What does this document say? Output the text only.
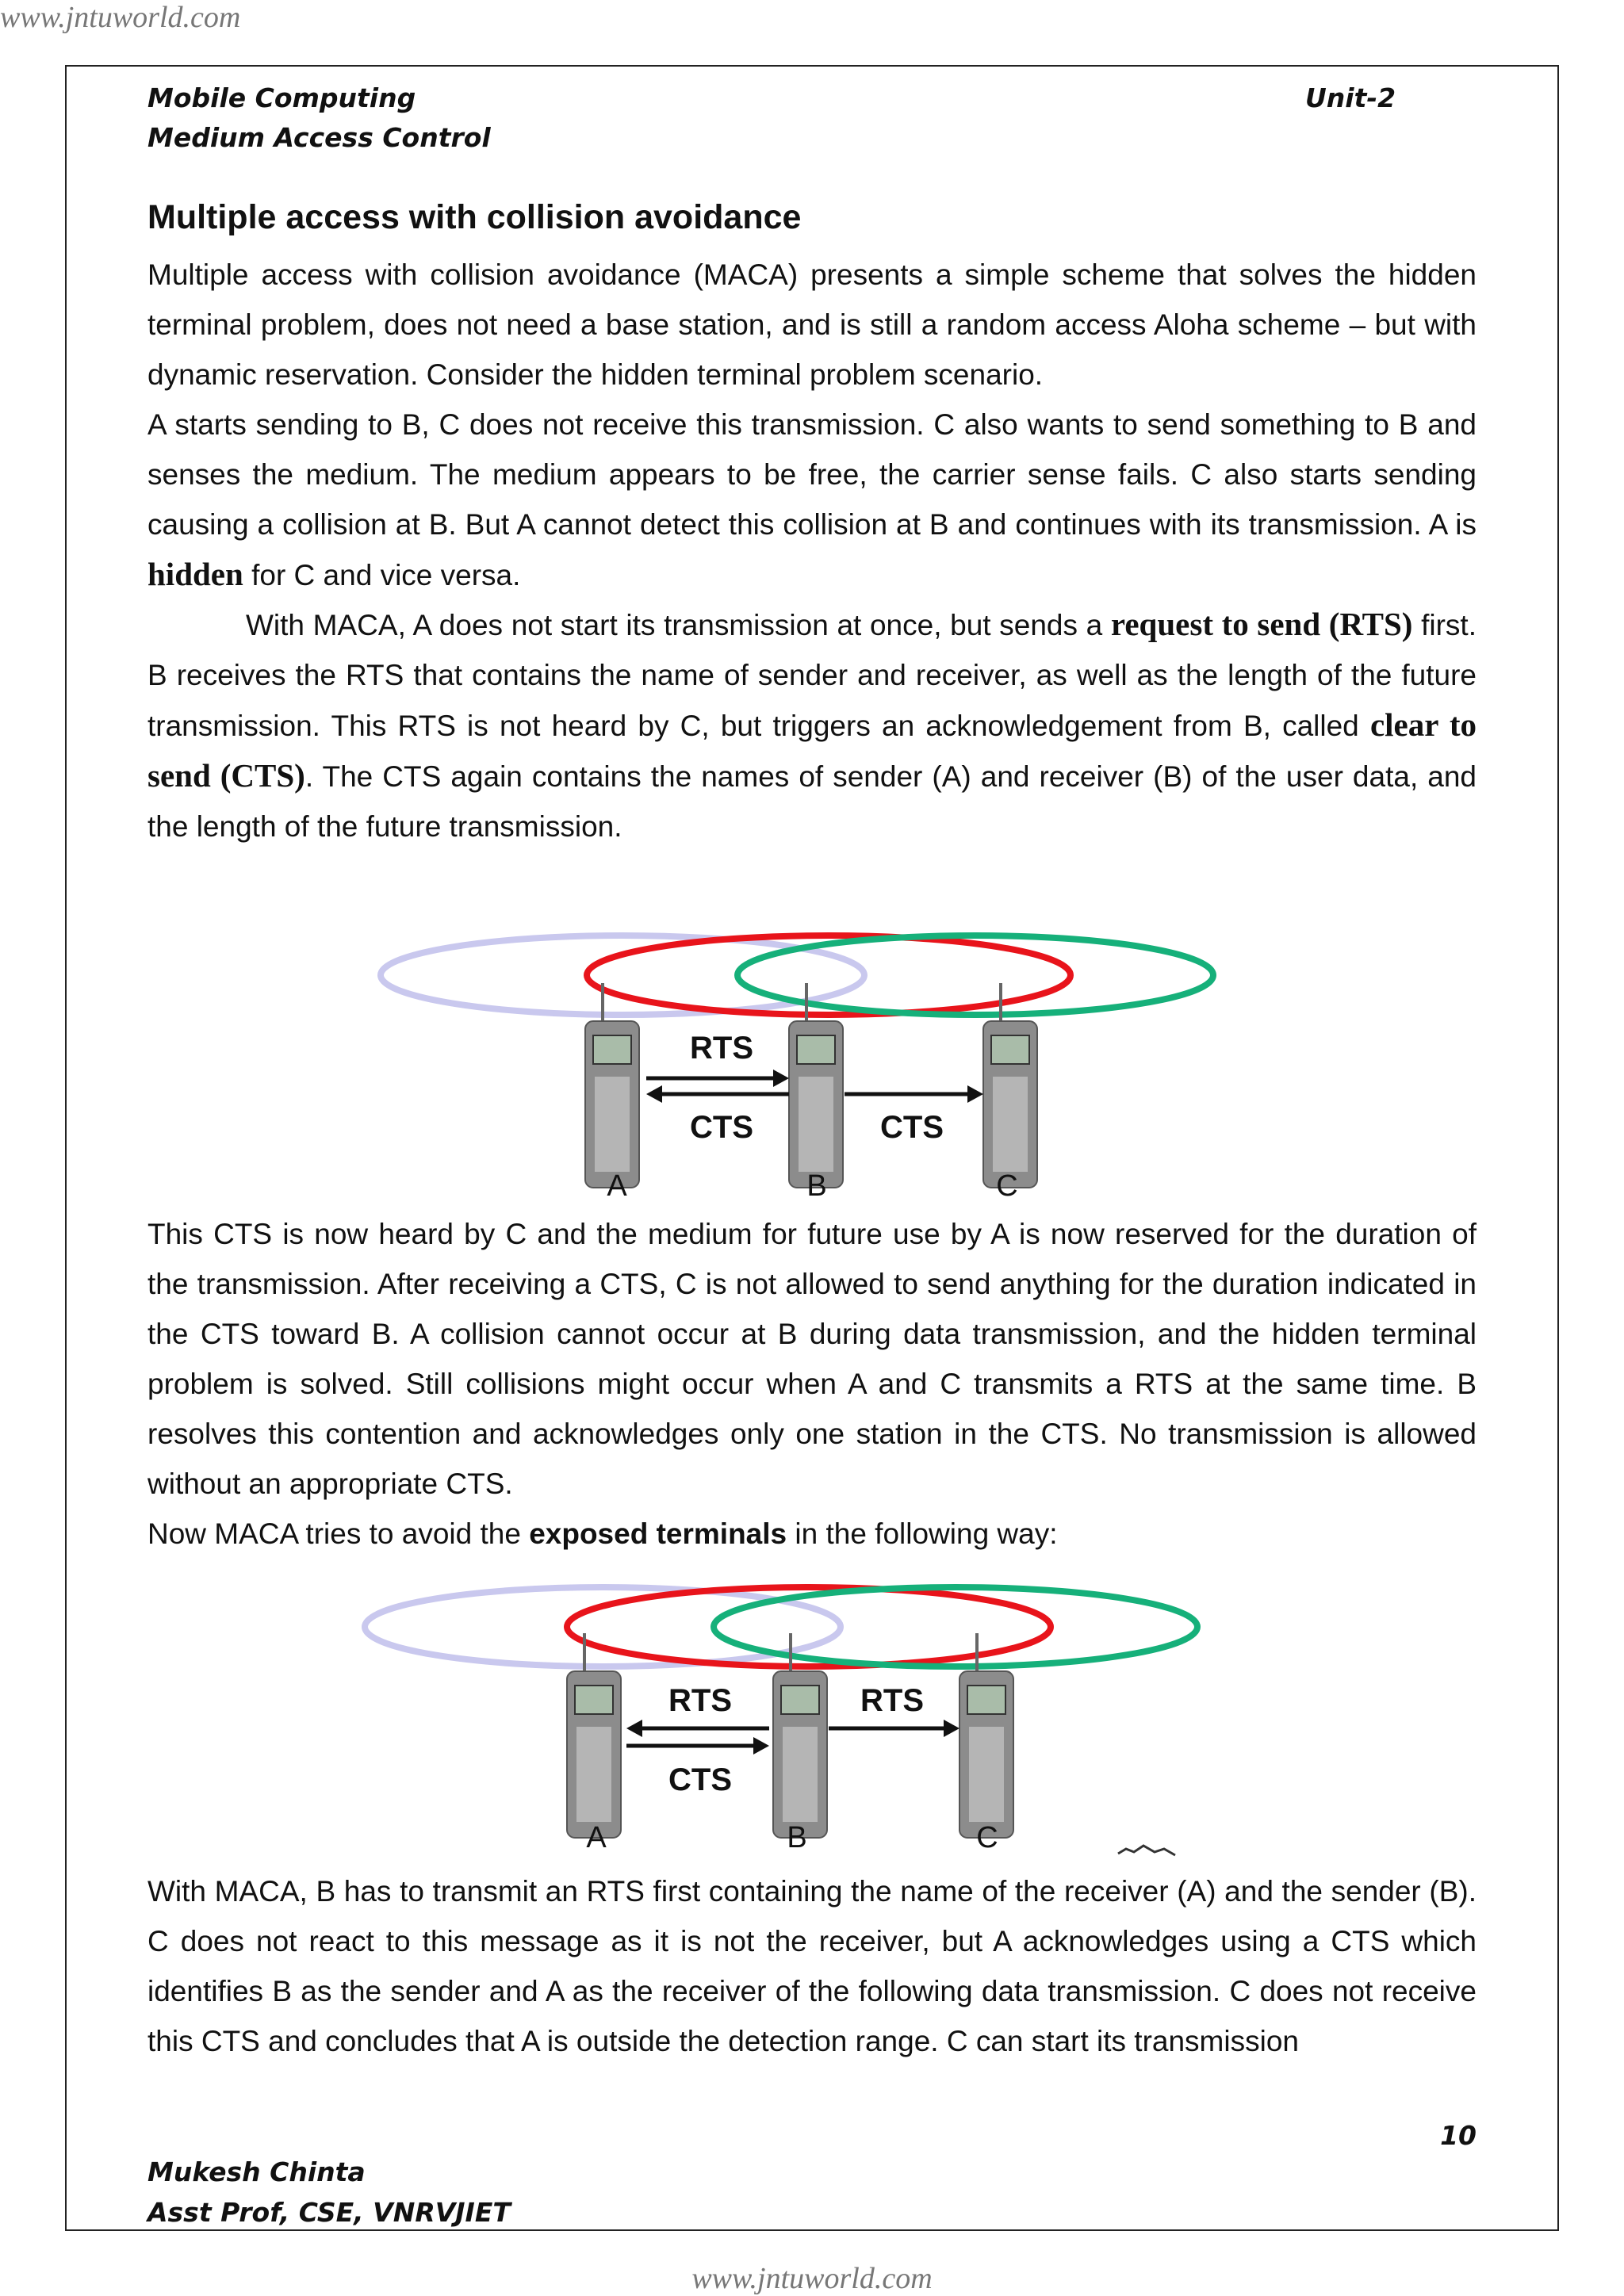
www.jntuworld.com
Mobile Computing	Unit-2
Medium Access Control
Multiple access with collision avoidance

Multiple access with collision avoidance (MACA) presents a simple scheme that solves the hidden terminal problem, does not need a base station, and is still a random access Aloha scheme – but with dynamic reservation. Consider the hidden terminal problem scenario.

A starts sending to B, C does not receive this transmission. C also wants to send something to B and senses the medium. The medium appears to be free, the carrier sense fails. C also starts sending causing a collision at B. But A cannot detect this collision at B and continues with its transmission. A is hidden for C and vice versa.

With MACA, A does not start its transmission at once, but sends a request to send (RTS) first. B receives the RTS that contains the name of sender and receiver, as well as the length of the future transmission. This RTS is not heard by C, but triggers an acknowledgement from B, called clear to send (CTS). The CTS again contains the names of sender (A) and receiver (B) of the user data, and the length of the future transmission.

RTS
CTS	CTS
A	B	C

This CTS is now heard by C and the medium for future use by A is now reserved for the duration of the transmission. After receiving a CTS, C is not allowed to send anything for the duration indicated in the CTS toward B. A collision cannot occur at B during data transmission, and the hidden terminal problem is solved. Still collisions might occur when A and C transmits a RTS at the same time. B resolves this contention and acknowledges only one station in the CTS. No transmission is allowed without an appropriate CTS.

Now MACA tries to avoid the exposed terminals in the following way:

RTS	RTS
CTS
A	B	C

With MACA, B has to transmit an RTS first containing the name of the receiver (A) and the sender (B). C does not react to this message as it is not the receiver, but A acknowledges using a CTS which identifies B as the sender and A as the receiver of the following data transmission. C does not receive this CTS and concludes that A is outside the detection range. C can start its transmission

10
Mukesh Chinta
Asst Prof, CSE, VNRVJIET
www.jntuworld.com
